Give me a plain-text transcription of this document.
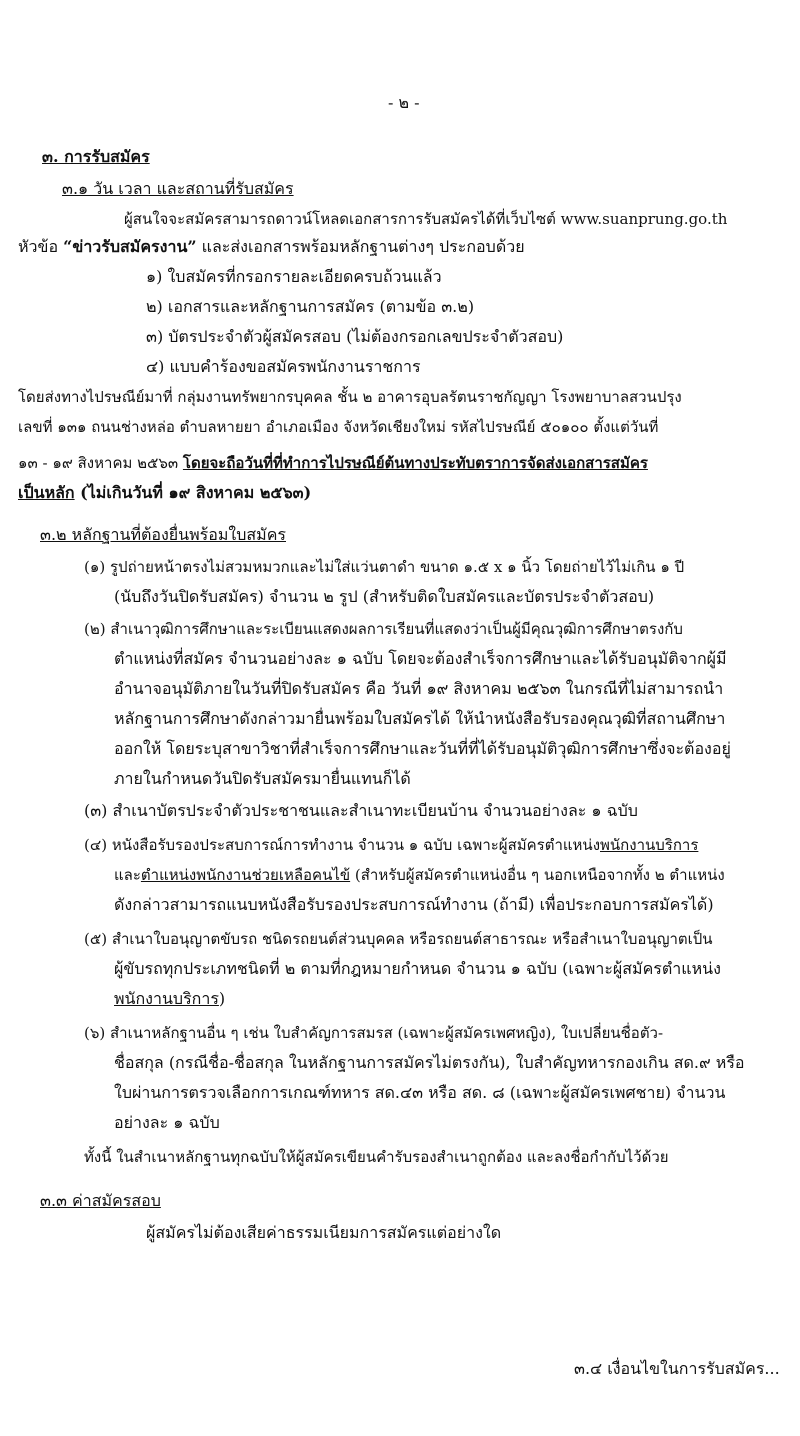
- ๒ -
๓. การรับสมัคร
๓.๑ วัน เวลา และสถานที่รับสมัคร
ผู้สนใจจะสมัครสามารถดาวน์โหลดเอกสารการรับสมัครได้ที่เว็บไซต์ www.suanprung.go.th
หัวข้อ “ข่าวรับสมัครงาน” และส่งเอกสารพร้อมหลักฐานต่างๆ ประกอบด้วย
๑) ใบสมัครที่กรอกรายละเอียดครบถ้วนแล้ว
๒) เอกสารและหลักฐานการสมัคร (ตามข้อ ๓.๒)
๓) บัตรประจำตัวผู้สมัครสอบ (ไม่ต้องกรอกเลขประจำตัวสอบ)
๔) แบบคำร้องขอสมัครพนักงานราชการ
โดยส่งทางไปรษณีย์มาที่ กลุ่มงานทรัพยากรบุคคล ชั้น ๒ อาคารอุบลรัตนราชกัญญา โรงพยาบาลสวนปรุง
เลขที่ ๑๓๑ ถนนช่างหล่อ ตำบลหายยา อำเภอเมือง จังหวัดเชียงใหม่ รหัสไปรษณีย์ ๕๐๑๐๐ ตั้งแต่วันที่
๑๓ - ๑๙ สิงหาคม ๒๕๖๓ โดยจะถือวันที่ที่ทำการไปรษณีย์ต้นทางประทับตราการจัดส่งเอกสารสมัคร
เป็นหลัก (ไม่เกินวันที่ ๑๙ สิงหาคม ๒๕๖๓)
๓.๒ หลักฐานที่ต้องยื่นพร้อมใบสมัคร
(๑) รูปถ่ายหน้าตรงไม่สวมหมวกและไม่ใส่แว่นตาดำ ขนาด ๑.๕ x ๑ นิ้ว โดยถ่ายไว้ไม่เกิน ๑ ปี
(นับถึงวันปิดรับสมัคร) จำนวน ๒ รูป (สำหรับติดใบสมัครและบัตรประจำตัวสอบ)
(๒) สำเนาวุฒิการศึกษาและระเบียนแสดงผลการเรียนที่แสดงว่าเป็นผู้มีคุณวุฒิการศึกษาตรงกับ
ตำแหน่งที่สมัคร จำนวนอย่างละ ๑ ฉบับ โดยจะต้องสำเร็จการศึกษาและได้รับอนุมัติจากผู้มี
อำนาจอนุมัติภายในวันที่ปิดรับสมัคร คือ วันที่ ๑๙ สิงหาคม ๒๕๖๓ ในกรณีที่ไม่สามารถนำ
หลักฐานการศึกษาดังกล่าวมายื่นพร้อมใบสมัครได้ ให้นำหนังสือรับรองคุณวุฒิที่สถานศึกษา
ออกให้ โดยระบุสาขาวิชาที่สำเร็จการศึกษาและวันที่ที่ได้รับอนุมัติวุฒิการศึกษาซึ่งจะต้องอยู่
ภายในกำหนดวันปิดรับสมัครมายื่นแทนก็ได้
(๓) สำเนาบัตรประจำตัวประชาชนและสำเนาทะเบียนบ้าน จำนวนอย่างละ ๑ ฉบับ
(๔) หนังสือรับรองประสบการณ์การทำงาน จำนวน ๑ ฉบับ เฉพาะผู้สมัครตำแหน่งพนักงานบริการ
และตำแหน่งพนักงานช่วยเหลือคนไข้ (สำหรับผู้สมัครตำแหน่งอื่น ๆ นอกเหนือจากทั้ง ๒ ตำแหน่ง
ดังกล่าวสามารถแนบหนังสือรับรองประสบการณ์ทำงาน (ถ้ามี) เพื่อประกอบการสมัครได้)
(๕) สำเนาใบอนุญาตขับรถ ชนิดรถยนต์ส่วนบุคคล หรือรถยนต์สาธารณะ หรือสำเนาใบอนุญาตเป็น
ผู้ขับรถทุกประเภทชนิดที่ ๒ ตามที่กฎหมายกำหนด จำนวน ๑ ฉบับ (เฉพาะผู้สมัครตำแหน่ง
พนักงานบริการ)
(๖) สำเนาหลักฐานอื่น ๆ เช่น ใบสำคัญการสมรส (เฉพาะผู้สมัครเพศหญิง), ใบเปลี่ยนชื่อตัว-
ชื่อสกุล (กรณีชื่อ-ชื่อสกุล ในหลักฐานการสมัครไม่ตรงกัน), ใบสำคัญทหารกองเกิน สด.๙ หรือ
ใบผ่านการตรวจเลือกการเกณฑ์ทหาร สด.๔๓ หรือ สด. ๘ (เฉพาะผู้สมัครเพศชาย) จำนวน
อย่างละ ๑ ฉบับ
ทั้งนี้ ในสำเนาหลักฐานทุกฉบับให้ผู้สมัครเขียนคำรับรองสำเนาถูกต้อง และลงชื่อกำกับไว้ด้วย
๓.๓ ค่าสมัครสอบ
ผู้สมัครไม่ต้องเสียค่าธรรมเนียมการสมัครแต่อย่างใด
๓.๔ เงื่อนไขในการรับสมัคร...
